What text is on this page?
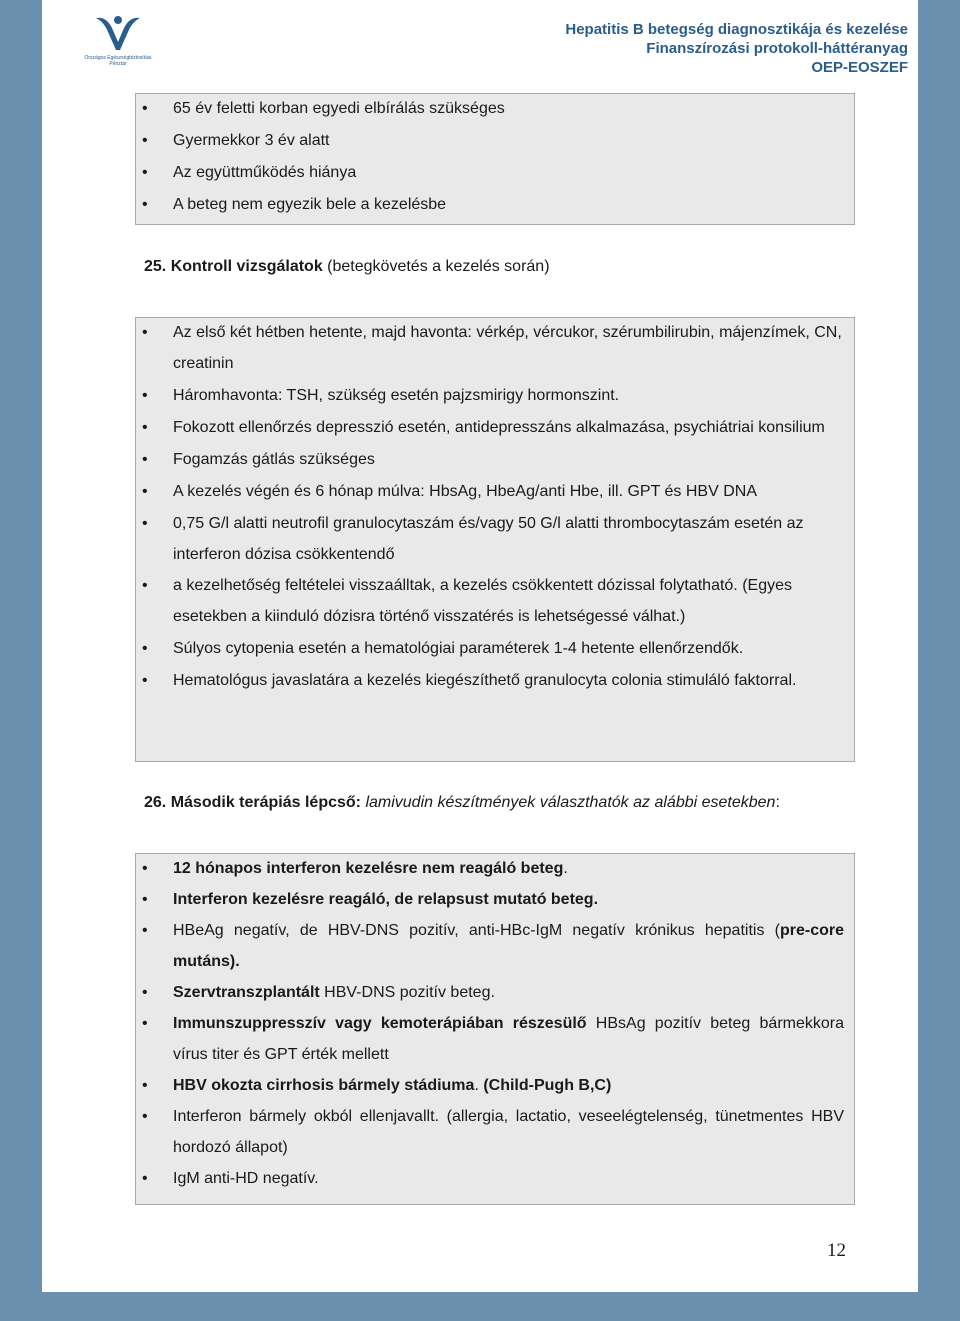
Országos Egészségbiztosítási
Pénztár
Hepatitis B betegség diagnosztikája és kezelése
Finanszírozási protokoll-háttéranyag
OEP-EOSZEF
• 65 év feletti korban egyedi elbírálás szükséges
• Gyermekkor 3 év alatt
• Az együttműködés hiánya
• A beteg nem egyezik bele a kezelésbe
25. Kontroll vizsgálatok (betegkövetés a kezelés során)
• Az első két hétben hetente, majd havonta: vérkép, vércukor, szérumbilirubin, májenzímek, CN, creatinin
• Háromhavonta: TSH, szükség esetén pajzsmirigy hormonszint.
• Fokozott ellenőrzés depresszió esetén, antidepresszáns alkalmazása, psychiátriai konsilium
• Fogamzás gátlás szükséges
• A kezelés végén és 6 hónap múlva: HbsAg, HbeAg/anti Hbe, ill. GPT és HBV DNA
• 0,75 G/l alatti neutrofil granulocytaszám és/vagy 50 G/l alatti thrombocytaszám esetén az interferon dózisa csökkentendő
• a kezelhetőség feltételei visszaálltak, a kezelés csökkentett dózissal folytatható. (Egyes esetekben a kiinduló dózisra történő visszatérés is lehetségessé válhat.)
• Súlyos cytopenia esetén a hematológiai paraméterek 1-4 hetente ellenőrzendők.
• Hematológus javaslatára a kezelés kiegészíthető granulocyta colonia stimuláló faktorral.
26. Második terápiás lépcső: lamivudin készítmények választhatók az alábbi esetekben:
• 12 hónapos interferon kezelésre nem reagáló beteg.
• Interferon kezelésre reagáló, de relapsust mutató beteg.
• HBeAg negatív, de HBV-DNS pozitív, anti-HBc-IgM negatív krónikus hepatitis (pre-core mutáns).
• Szervtranszplantált HBV-DNS pozitív beteg.
• Immunszuppresszív vagy kemoterápiában részesülő HBsAg pozitív beteg bármekkora vírus titer és GPT érték mellett
• HBV okozta cirrhosis bármely stádiuma. (Child-Pugh B,C)
• Interferon bármely okból ellenjavallt. (allergia, lactatio, veseelégtelenség, tünetmentes HBV hordozó állapot)
• IgM anti-HD negatív.
12
